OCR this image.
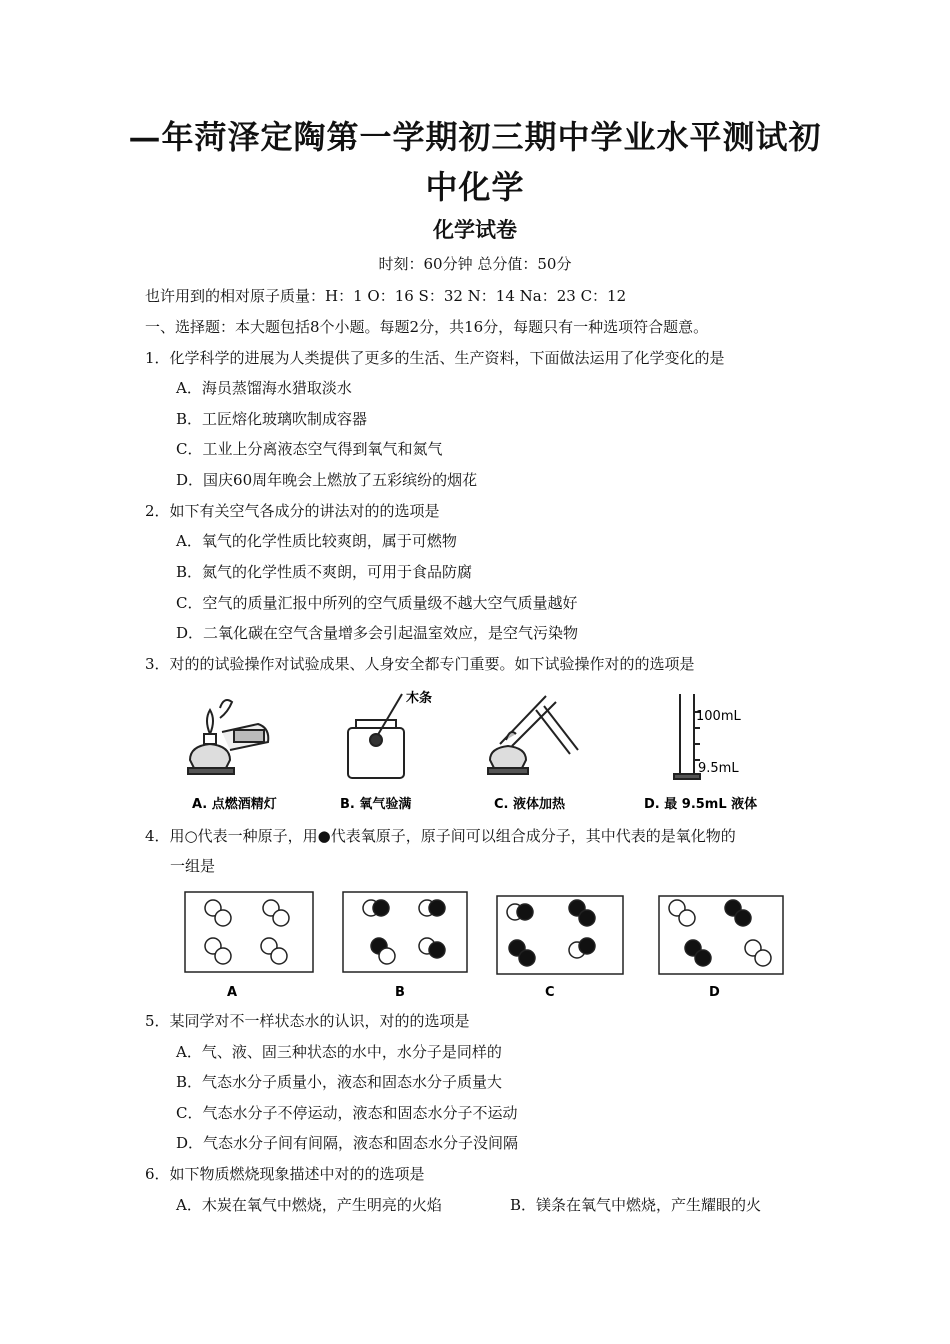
—年菏泽定陶第一学期初三期中学业水平测试初中化学
化学试卷
时刻：60分钟 总分值：50分
也许用到的相对原子质量：H：1 O：16 S：32 N：14 Na：23 C：12
一、选择题：本大题包括8个小题。每题2分，共16分，每题只有一种选项符合题意。
1．化学科学的进展为人类提供了更多的生活、生产资料，下面做法运用了化学变化的是
A．海员蒸馏海水猎取淡水
B．工匠熔化玻璃吹制成容器
C．工业上分离液态空气得到氧气和氮气
D．国庆60周年晚会上燃放了五彩缤纷的烟花
2．如下有关空气各成分的讲法对的的选项是
A．氧气的化学性质比较爽朗，属于可燃物
B．氮气的化学性质不爽朗，可用于食品防腐
C．空气的质量汇报中所列的空气质量级不越大空气质量越好
D．二氧化碳在空气含量增多会引起温室效应，是空气污染物
3．对的的试验操作对试验成果、人身安全都专门重要。如下试验操作对的的选项是
木条
100mL
9.5mL
A. 点燃酒精灯	B. 氧气验满	C. 液体加热	D. 最 9.5mL 液体
4．用○代表一种原子，用●代表氧原子，原子间可以组合成分子，其中代表的是氧化物的
一组是
A	B	C	D
5．某同学对不一样状态水的认识，对的的选项是
A．气、液、固三种状态的水中，水分子是同样的
B．气态水分子质量小，液态和固态水分子质量大
C．气态水分子不停运动，液态和固态水分子不运动
D．气态水分子间有间隔，液态和固态水分子没间隔
6．如下物质燃烧现象描述中对的的选项是
A．木炭在氧气中燃烧，产生明亮的火焰	B．镁条在氧气中燃烧，产生耀眼的火
